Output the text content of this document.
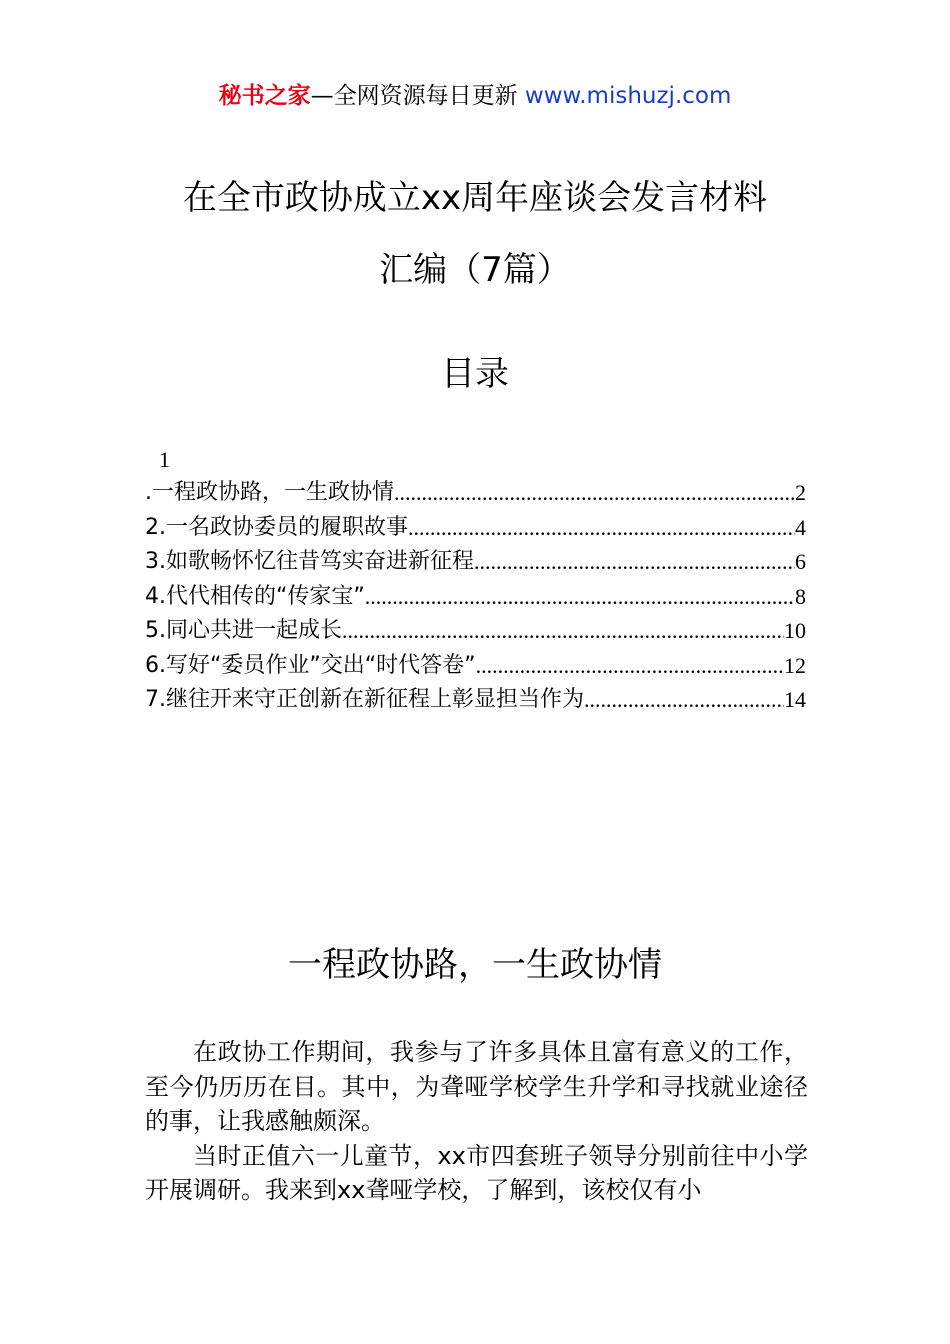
秘书之家—全网资源每日更新 www.mishuzj.com
在全市政协成立xx周年座谈会发言材料
汇编（7篇）
目录
1
.一程政协路，一生政协情 .....	2
2.一名政协委员的履职故事 .....	4
3.如歌畅怀忆往昔笃实奋进新征程 .....	6
4.代代相传的“传家宝” .....	8
5.同心共进一起成长 .....	10
6.写好“委员作业”交出“时代答卷” .....	12
7.继往开来守正创新在新征程上彰显担当作为 .....	14
一程政协路，一生政协情

在政协工作期间，我参与了许多具体且富有意义的工作，至今仍历历在目。其中，为聋哑学校学生升学和寻找就业途径的事，让我感触颇深。

当时正值六一儿童节，xx市四套班子领导分别前往中小学开展调研。我来到xx聋哑学校，了解到，该校仅有小
